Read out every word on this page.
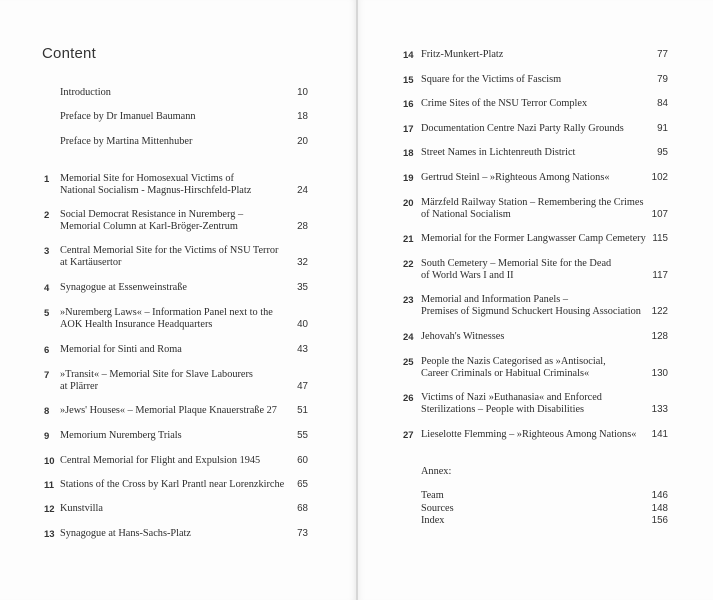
Content
Introduction	10
Preface by Dr Imanuel Baumann	18
Preface by Martina Mittenhuber	20
1	Memorial Site for Homosexual Victims of
National Socialism - Magnus-Hirschfeld-Platz	24
2	Social Democrat Resistance in Nuremberg –
Memorial Column at Karl-Bröger-Zentrum	28
3	Central Memorial Site for the Victims of NSU Terror
at Kartäusertor	32
4	Synagogue at Essenweinstraße	35
5	»Nuremberg Laws« – Information Panel next to the
AOK Health Insurance Headquarters	40
6	Memorial for Sinti and Roma	43
7	»Transit« – Memorial Site for Slave Labourers
at Plärrer	47
8	»Jews' Houses« – Memorial Plaque Knauerstraße 27 51
9	Memorium Nuremberg Trials	55
10 Central Memorial for Flight and Expulsion 1945	60
11 Stations of the Cross by Karl Prantl near Lorenzkirche 65
12 Kunstvilla	68
13 Synagogue at Hans-Sachs-Platz	73
14 Fritz-Munkert-Platz	77
15 Square for the Victims of Fascism	79
16 Crime Sites of the NSU Terror Complex	84
17 Documentation Centre Nazi Party Rally Grounds	91
18 Street Names in Lichtenreuth District	95
19 Gertrud Steinl – »Righteous Among Nations«	102
20 Märzfeld Railway Station – Remembering the Crimes
of National Socialism	107
21 Memorial for the Former Langwasser Camp Cemetery 115
22 South Cemetery – Memorial Site for the Dead
of World Wars I and II	117
23 Memorial and Information Panels –
Premises of Sigmund Schuckert Housing Association 122
24 Jehovah's Witnesses	128
25 People the Nazis Categorised as »Antisocial,
Career Criminals or Habitual Criminals«	130
26 Victims of Nazi »Euthanasia« and Enforced
Sterilizations – People with Disabilities	133
27 Lieselotte Flemming – »Righteous Among Nations« 141
Annex:
Team	146
Sources	148
Index	156
